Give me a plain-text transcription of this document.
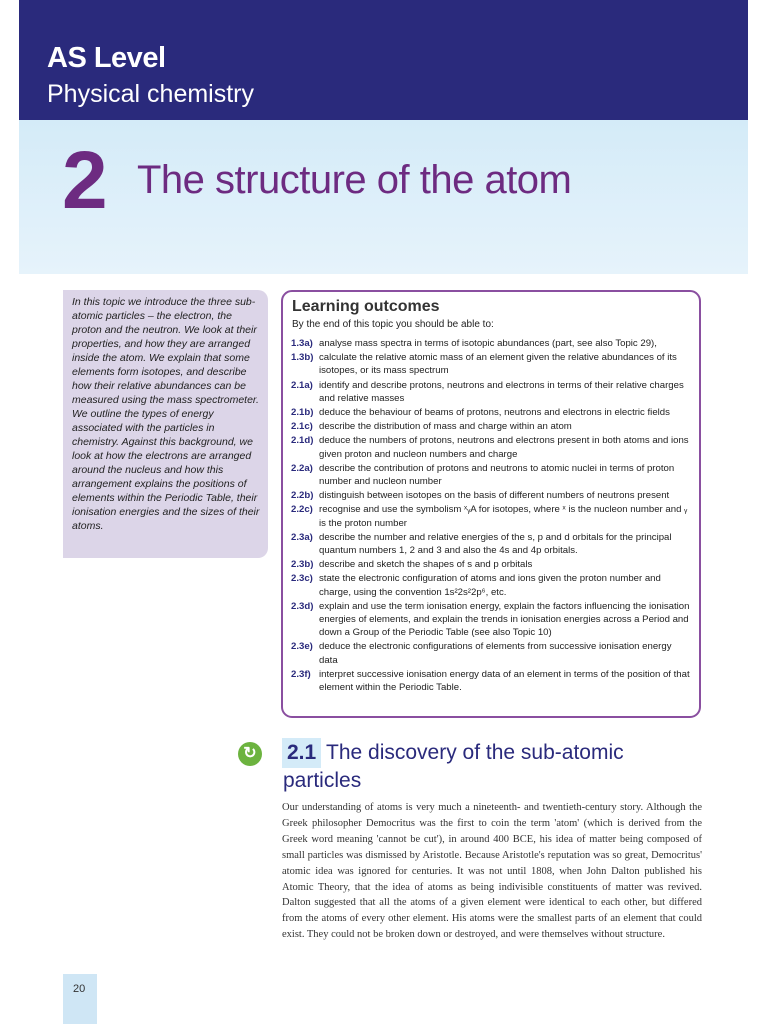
AS Level
Physical chemistry
2 The structure of the atom
In this topic we introduce the three sub-atomic particles – the electron, the proton and the neutron. We look at their properties, and how they are arranged inside the atom. We explain that some elements form isotopes, and describe how their relative abundances can be measured using the mass spectrometer. We outline the types of energy associated with the particles in chemistry. Against this background, we look at how the electrons are arranged around the nucleus and how this arrangement explains the positions of elements within the Periodic Table, their ionisation energies and the sizes of their atoms.
Learning outcomes
By the end of this topic you should be able to:
1.3a) analyse mass spectra in terms of isotopic abundances (part, see also Topic 29),
1.3b) calculate the relative atomic mass of an element given the relative abundances of its isotopes, or its mass spectrum
2.1a) identify and describe protons, neutrons and electrons in terms of their relative charges and relative masses
2.1b) deduce the behaviour of beams of protons, neutrons and electrons in electric fields
2.1c) describe the distribution of mass and charge within an atom
2.1d) deduce the numbers of protons, neutrons and electrons present in both atoms and ions given proton and nucleon numbers and charge
2.2a) describe the contribution of protons and neutrons to atomic nuclei in terms of proton number and nucleon number
2.2b) distinguish between isotopes on the basis of different numbers of neutrons present
2.2c) recognise and use the symbolism ˣᵧA for isotopes, where ˣ is the nucleon number and ᵧ is the proton number
2.3a) describe the number and relative energies of the s, p and d orbitals for the principal quantum numbers 1, 2 and 3 and also the 4s and 4p orbitals.
2.3b) describe and sketch the shapes of s and p orbitals
2.3c) state the electronic configuration of atoms and ions given the proton number and charge, using the convention 1s²2s²2p⁶, etc.
2.3d) explain and use the term ionisation energy, explain the factors influencing the ionisation energies of elements, and explain the trends in ionisation energies across a Period and down a Group of the Periodic Table (see also Topic 10)
2.3e) deduce the electronic configurations of elements from successive ionisation energy data
2.3f) interpret successive ionisation energy data of an element in terms of the position of that element within the Periodic Table.
↻ 2.1 The discovery of the sub-atomic
particles
Our understanding of atoms is very much a nineteenth- and twentieth-century story. Although the Greek philosopher Democritus was the first to coin the term 'atom' (which is derived from the Greek word meaning 'cannot be cut'), in around 400 BCE, his idea of matter being composed of small particles was dismissed by Aristotle. Because Aristotle's reputation was so great, Democritus' atomic idea was ignored for centuries. It was not until 1808, when John Dalton published his Atomic Theory, that the idea of atoms as being indivisible constituents of matter was revived. Dalton suggested that all the atoms of a given element were identical to each other, but differed from the atoms of every other element. His atoms were the smallest parts of an element that could exist. They could not be broken down or destroyed, and were themselves without structure.
20
